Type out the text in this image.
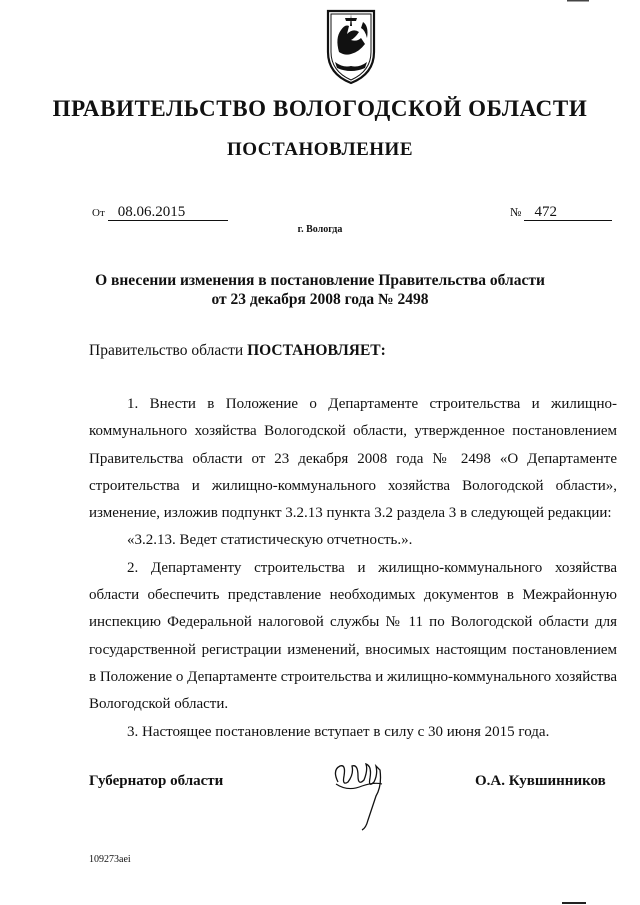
ПРАВИТЕЛЬСТВО ВОЛОГОДСКОЙ ОБЛАСТИ
ПОСТАНОВЛЕНИЕ
От 08.06.2015	№ 472
г. Вологда
О внесении изменения в постановление Правительства области
от 23 декабря 2008 года № 2498
Правительство области ПОСТАНОВЛЯЕТ:

1. Внести в Положение о Департаменте строительства и жилищно-коммунального хозяйства Вологодской области, утвержденное постановлением Правительства области от 23 декабря 2008 года № 2498 «О Департаменте строительства и жилищно-коммунального хозяйства Вологодской области», изменение, изложив подпункт 3.2.13 пункта 3.2 раздела 3 в следующей редакции:

«3.2.13. Ведет статистическую отчетность.».

2. Департаменту строительства и жилищно-коммунального хозяйства области обеспечить представление необходимых документов в Межрайонную инспекцию Федеральной налоговой службы № 11 по Вологодской области для государственной регистрации изменений, вносимых настоящим постановлением в Положение о Департаменте строительства и жилищно-коммунального хозяйства Вологодской области.

3. Настоящее постановление вступает в силу с 30 июня 2015 года.

Губернатор области	О.А. Кувшинников
109273aei
